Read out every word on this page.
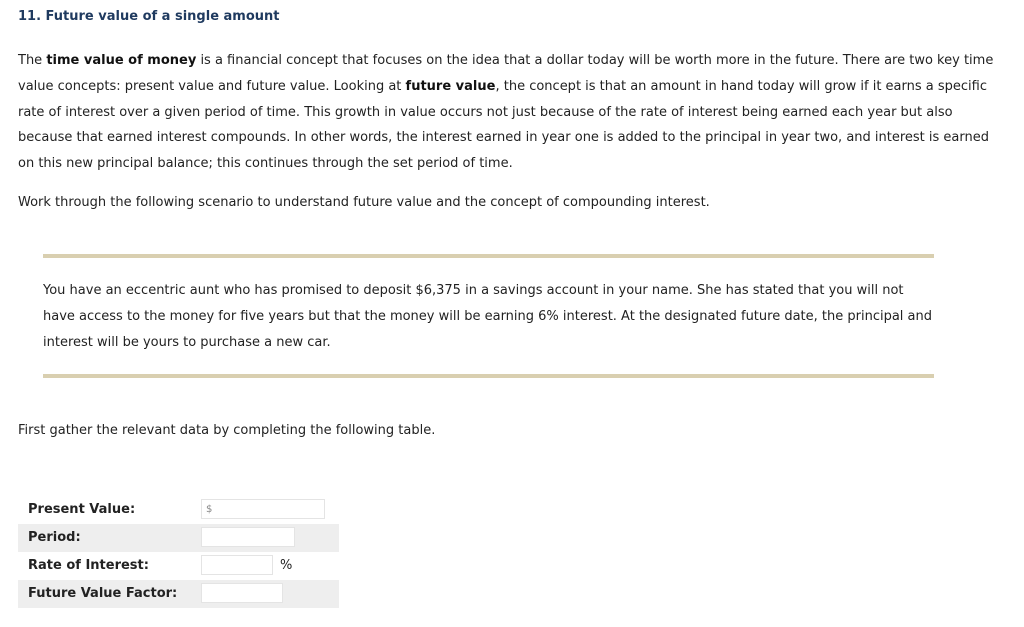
11. Future value of a single amount

The time value of money is a financial concept that focuses on the idea that a dollar today will be worth more in the future. There are two key time value concepts: present value and future value. Looking at future value, the concept is that an amount in hand today will grow if it earns a specific rate of interest over a given period of time. This growth in value occurs not just because of the rate of interest being earned each year but also because that earned interest compounds. In other words, the interest earned in year one is added to the principal in year two, and interest is earned on this new principal balance; this continues through the set period of time.

Work through the following scenario to understand future value and the concept of compounding interest.

You have an eccentric aunt who has promised to deposit $6,375 in a savings account in your name. She has stated that you will not have access to the money for five years but that the money will be earning 6% interest. At the designated future date, the principal and interest will be yours to purchase a new car.

First gather the relevant data by completing the following table.

Present Value:	$
Period:
Rate of Interest:	%
Future Value Factor:
